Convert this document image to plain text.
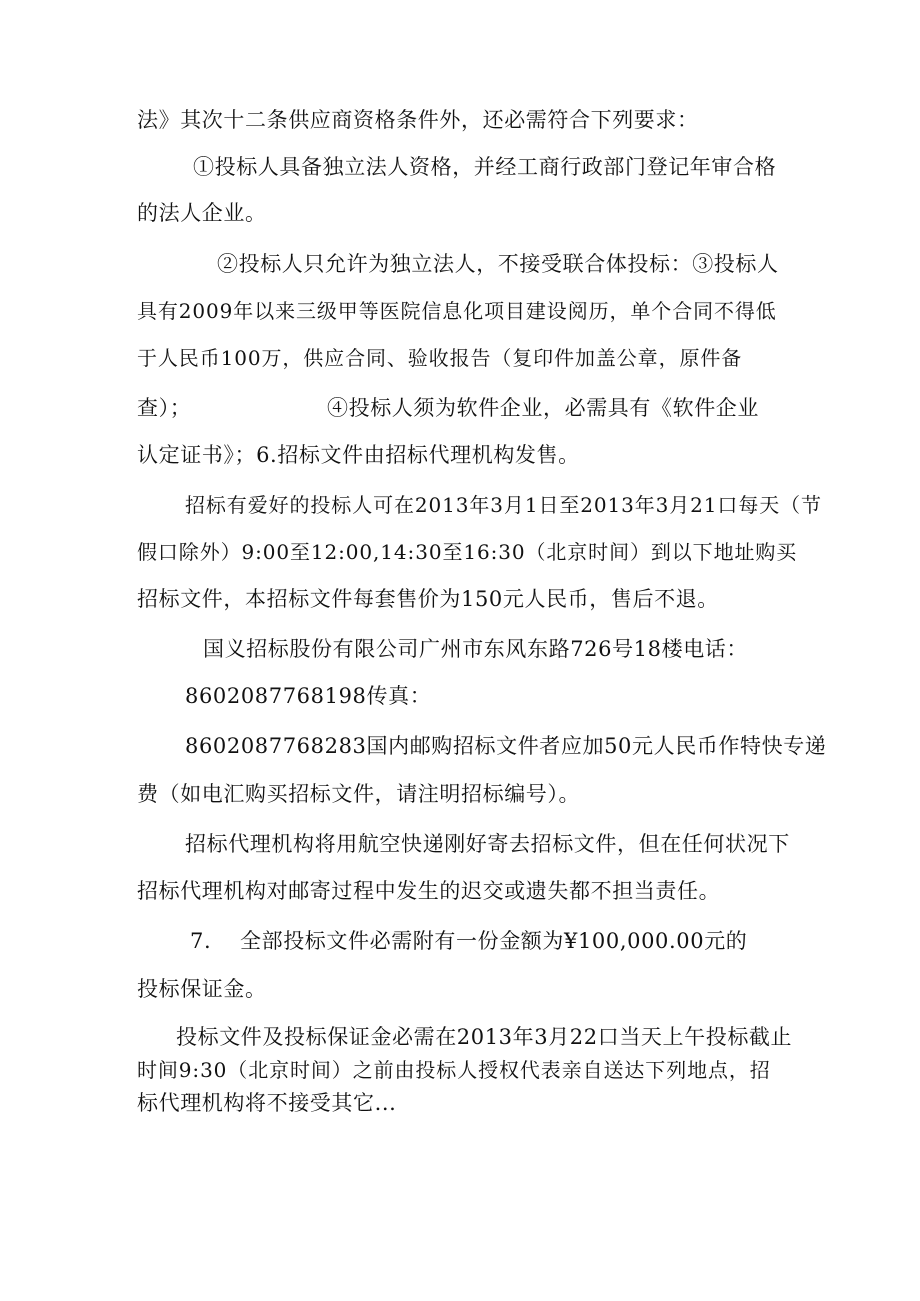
法》其次十二条供应商资格条件外，还必需符合下列要求：
①投标人具备独立法人资格，并经工商行政部门登记年审合格
的法人企业。
②投标人只允许为独立法人，不接受联合体投标：③投标人
具有2009年以来三级甲等医院信息化项目建设阅历，单个合同不得低
于人民币100万，供应合同、验收报告（复印件加盖公章，原件备
查）；	④投标人须为软件企业，必需具有《软件企业
认定证书》；6.招标文件由招标代理机构发售。
招标有爱好的投标人可在2013年3月1日至2013年3月21口每天（节
假口除外）9:00至12:00,14:30至16:30（北京时间）到以下地址购买
招标文件，本招标文件每套售价为150元人民币，售后不退。
国义招标股份有限公司广州市东风东路726号18楼电话：
8602087768198传真：
8602087768283国内邮购招标文件者应加50元人民币作特快专递
费（如电汇购买招标文件，请注明招标编号）。
招标代理机构将用航空快递刚好寄去招标文件，但在任何状况下
招标代理机构对邮寄过程中发生的迟交或遗失都不担当责任。
7. 全部投标文件必需附有一份金额为¥100,000.00元的
投标保证金。
投标文件及投标保证金必需在2013年3月22口当天上午投标截止
时间9:30（北京时间）之前由投标人授权代表亲自送达下列地点，招
标代理机构将不接受其它...
